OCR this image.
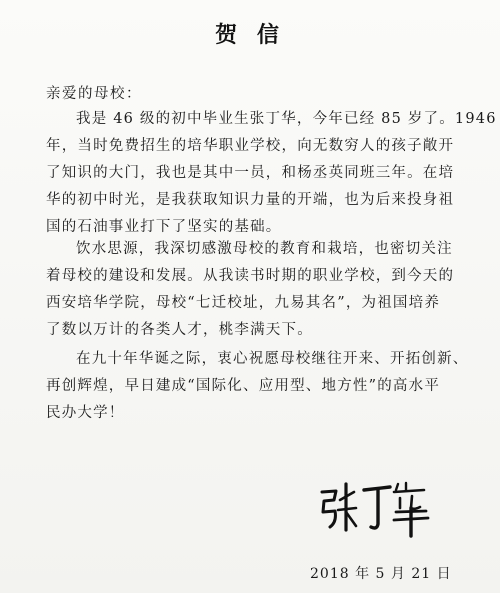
贺 信
亲爱的母校：
我是 46 级的初中毕业生张丁华，今年已经 85 岁了。1946
年，当时免费招生的培华职业学校，向无数穷人的孩子敞开
了知识的大门，我也是其中一员，和杨丞英同班三年。在培
华的初中时光，是我获取知识力量的开端，也为后来投身祖
国的石油事业打下了坚实的基础。
饮水思源，我深切感激母校的教育和栽培，也密切关注
着母校的建设和发展。从我读书时期的职业学校，到今天的
西安培华学院，母校“七迁校址，九易其名”，为祖国培养
了数以万计的各类人才，桃李满天下。
在九十年华诞之际，衷心祝愿母校继往开来、开拓创新、
再创辉煌，早日建成“国际化、应用型、地方性”的高水平
民办大学！
2018 年 5 月 21 日
